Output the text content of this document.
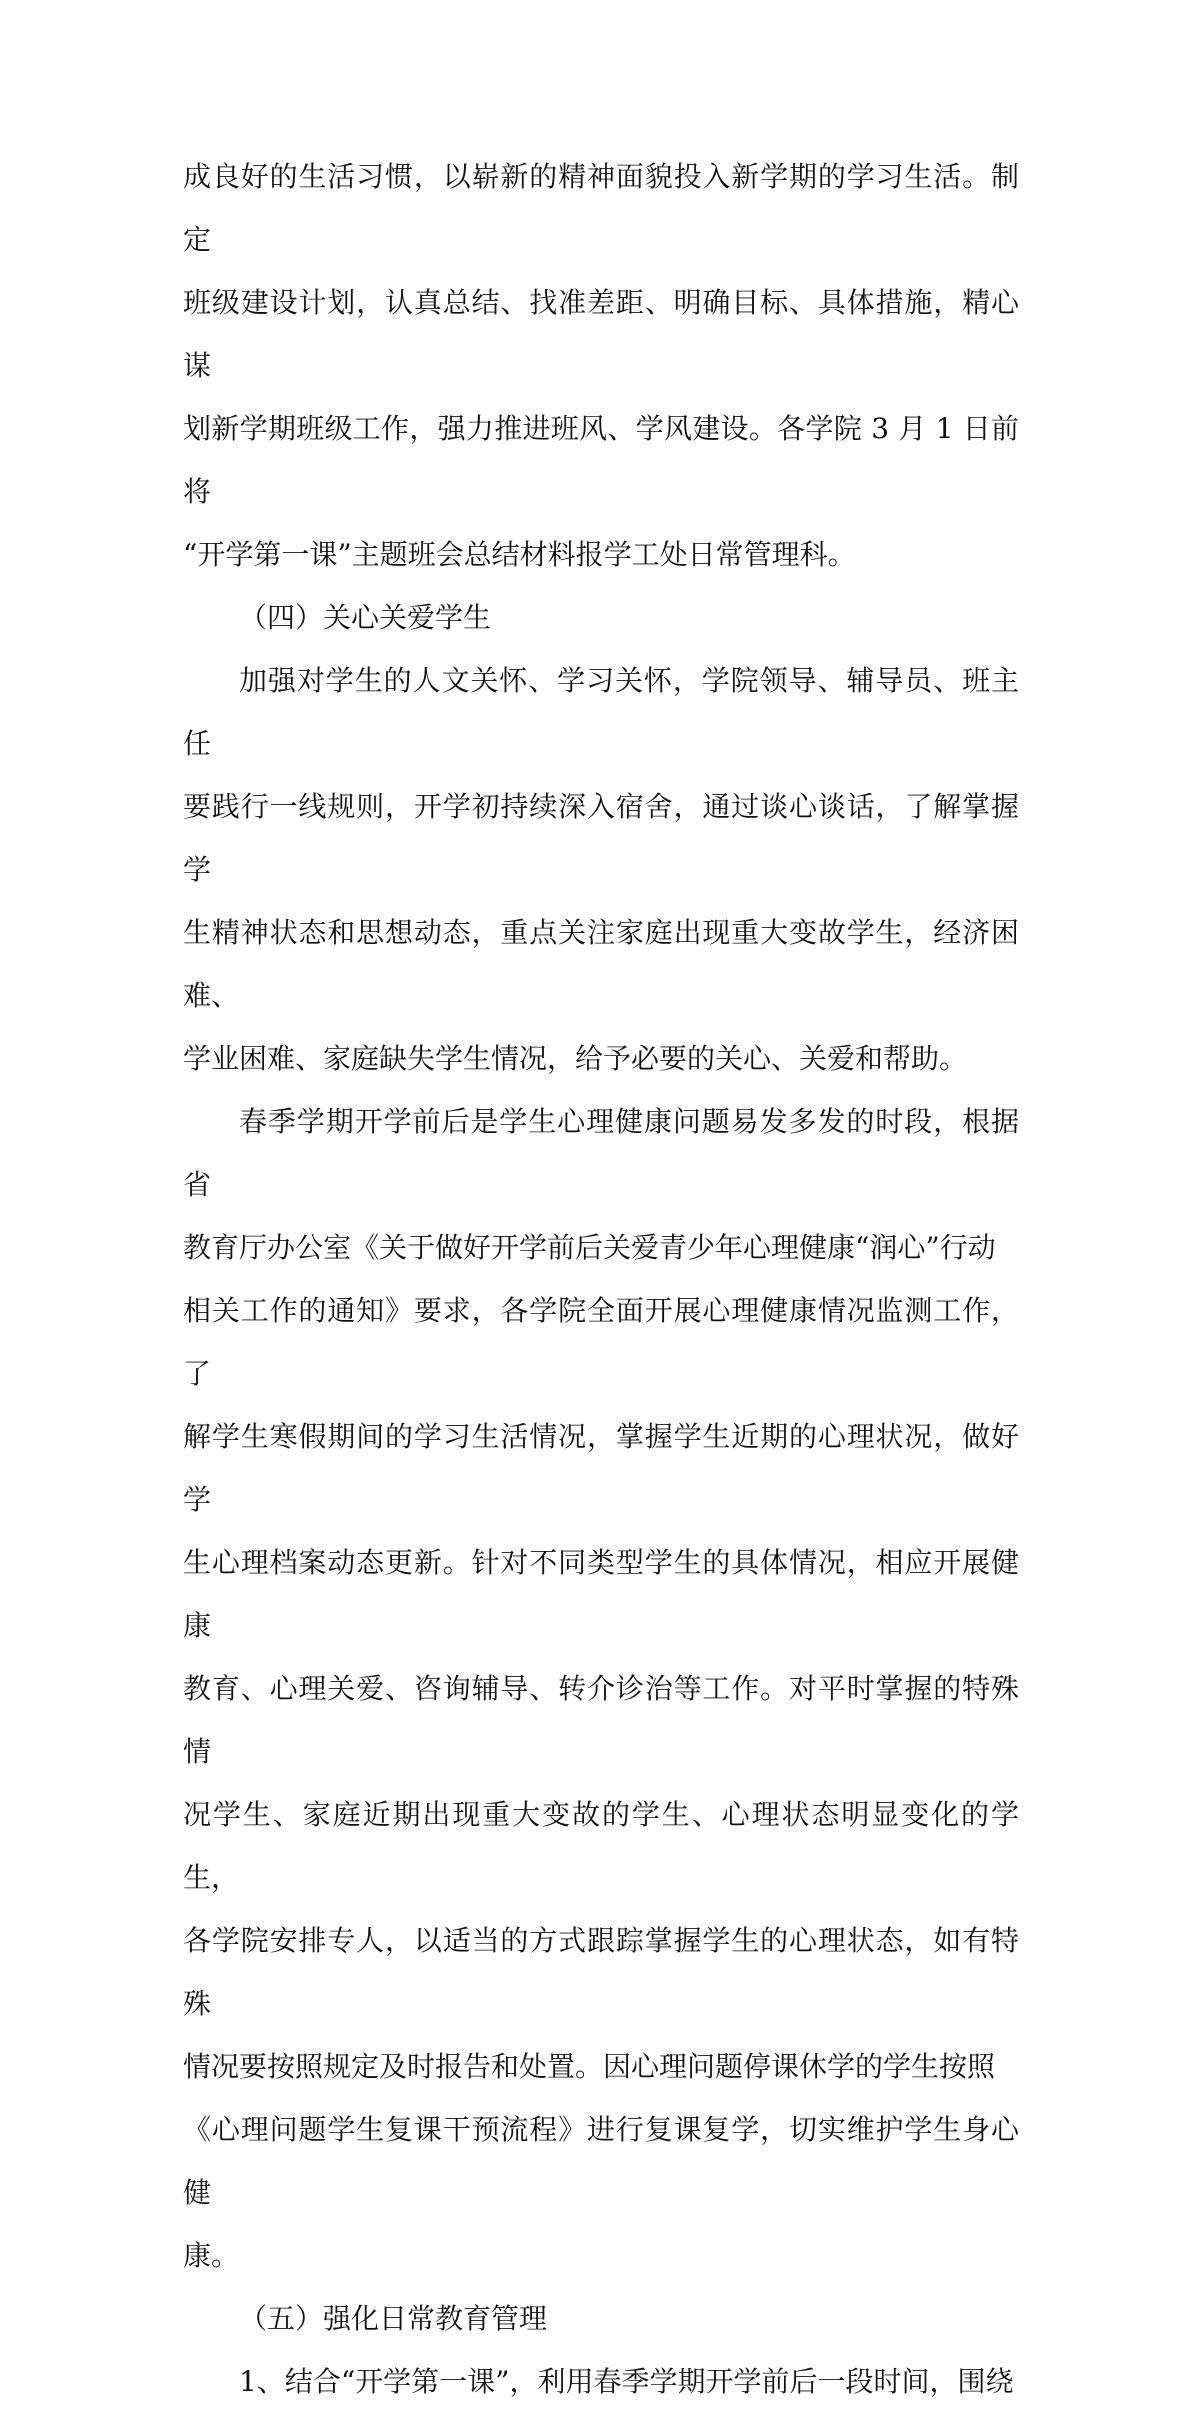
成良好的生活习惯，以崭新的精神面貌投入新学期的学习生活。制定
班级建设计划，认真总结、找准差距、明确目标、具体措施，精心谋
划新学期班级工作，强力推进班风、学风建设。各学院 3 月 1 日前将
“开学第一课”主题班会总结材料报学工处日常管理科。

（四）关心关爱学生

加强对学生的人文关怀、学习关怀，学院领导、辅导员、班主任
要践行一线规则，开学初持续深入宿舍，通过谈心谈话，了解掌握学
生精神状态和思想动态，重点关注家庭出现重大变故学生，经济困难、
学业困难、家庭缺失学生情况，给予必要的关心、关爱和帮助。

春季学期开学前后是学生心理健康问题易发多发的时段，根据省
教育厅办公室《关于做好开学前后关爱青少年心理健康“润心”行动
相关工作的通知》要求，各学院全面开展心理健康情况监测工作，了
解学生寒假期间的学习生活情况，掌握学生近期的心理状况，做好学
生心理档案动态更新。针对不同类型学生的具体情况，相应开展健康
教育、心理关爱、咨询辅导、转介诊治等工作。对平时掌握的特殊情
况学生、家庭近期出现重大变故的学生、心理状态明显变化的学生，
各学院安排专人，以适当的方式跟踪掌握学生的心理状态，如有特殊
情况要按照规定及时报告和处置。因心理问题停课休学的学生按照
《心理问题学生复课干预流程》进行复课复学，切实维护学生身心健
康。

（五）强化日常教育管理

1、结合“开学第一课”，利用春季学期开学前后一段时间，围绕
